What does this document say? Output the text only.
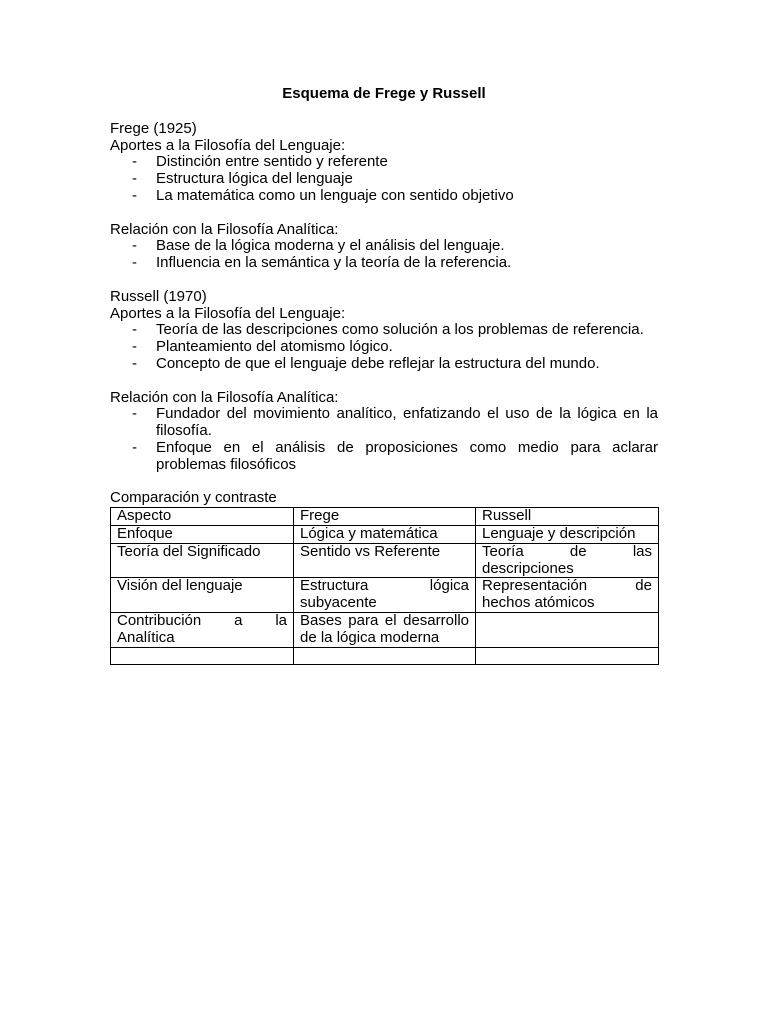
Esquema de Frege y Russell

Frege (1925)

Aportes a la Filosofía del Lenguaje:

- Distinción entre sentido y referente
- Estructura lógica del lenguaje
- La matemática como un lenguaje con sentido objetivo

Relación con la Filosofía Analítica:

- Base de la lógica moderna y el análisis del lenguaje.
- Influencia en la semántica y la teoría de la referencia.

Russell (1970)

Aportes a la Filosofía del Lenguaje:

- Teoría de las descripciones como solución a los problemas de referencia.
- Planteamiento del atomismo lógico.
- Concepto de que el lenguaje debe reflejar la estructura del mundo.

Relación con la Filosofía Analítica:

- Fundador del movimiento analítico, enfatizando el uso de la lógica en la filosofía.
- Enfoque en el análisis de proposiciones como medio para aclarar problemas filosóficos

Comparación y contraste

Aspecto	Frege	Russell
Enfoque	Lógica y matemática	Lenguaje y descripción
Teoría del Significado	Sentido vs Referente	Teoría de las descripciones
Visión del lenguaje	Estructura lógica subyacente	Representación de hechos atómicos
Contribución a la Analítica	Bases para el desarrollo de la lógica moderna	
